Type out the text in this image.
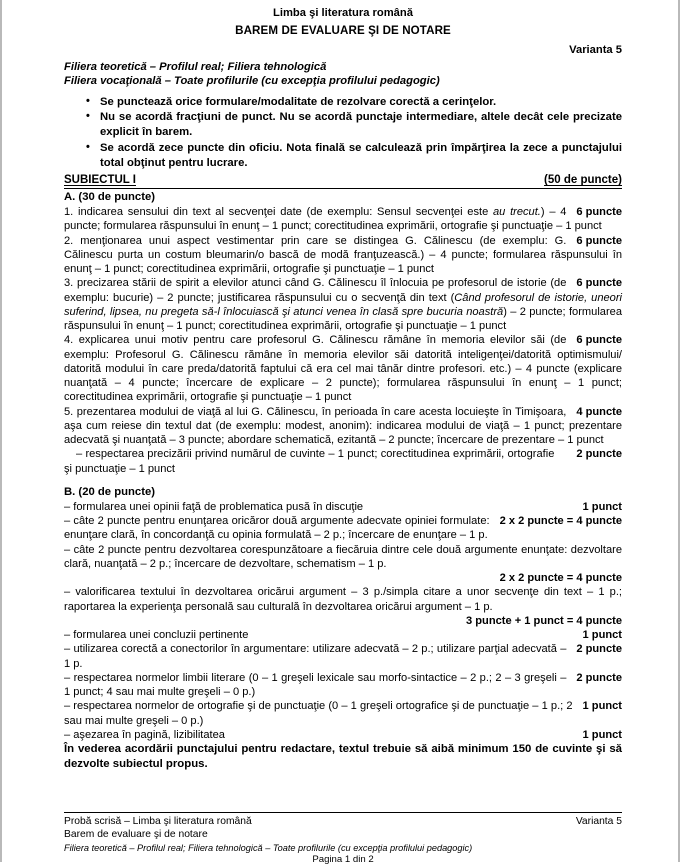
Limba şi literatura română
BAREM DE EVALUARE ŞI DE NOTARE
Varianta 5
Filiera teoretică – Profilul real; Filiera tehnologică
Filiera vocaţională – Toate profilurile (cu excepţia profilului pedagogic)
• Se punctează orice formulare/modalitate de rezolvare corectă a cerinţelor.
• Nu se acordă fracţiuni de punct. Nu se acordă punctaje intermediare, altele decât cele precizate explicit în barem.
• Se acordă zece puncte din oficiu. Nota finală se calculează prin împărţirea la zece a punctajului total obţinut pentru lucrare.
SUBIECTUL I	(50 de puncte)
A. (30 de puncte)
6 puncte
1. indicarea sensului din text al secvenţei date (de exemplu: Sensul secvenţei este au trecut.) – 4 puncte; formularea răspunsului în enunţ – 1 punct; corectitudinea exprimării, ortografie şi punctuaţie – 1 punct
6 puncte
2. menţionarea unui aspect vestimentar prin care se distingea G. Călinescu (de exemplu: G. Călinescu purta un costum bleumarin/o bască de modă franţuzească.) – 4 puncte; formularea răspunsului în enunţ – 1 punct; corectitudinea exprimării, ortografie şi punctuaţie – 1 punct
6 puncte
3. precizarea stării de spirit a elevilor atunci când G. Călinescu îl înlocuia pe profesorul de istorie (de exemplu: bucurie) – 2 puncte; justificarea răspunsului cu o secvenţă din text (Când profesorul de istorie, uneori suferind, lipsea, nu pregeta să-l înlocuiască şi atunci venea în clasă spre bucuria noastră) – 2 puncte; formularea răspunsului în enunţ – 1 punct; corectitudinea exprimării, ortografie şi punctuaţie – 1 punct
6 puncte
4. explicarea unui motiv pentru care profesorul G. Călinescu rămâne în memoria elevilor săi (de exemplu: Profesorul G. Călinescu rămâne în memoria elevilor săi datorită inteligenţei/datorită optimismului/ datorită modului în care preda/datorită faptului că era cel mai tânăr dintre profesori. etc.) – 4 puncte (explicare nuanţată – 4 puncte; încercare de explicare – 2 puncte); formularea răspunsului în enunţ – 1 punct; corectitudinea exprimării, ortografie şi punctuaţie – 1 punct
4 puncte
5. prezentarea modului de viaţă al lui G. Călinescu, în perioada în care acesta locuieşte în Timişoara, aşa cum reiese din textul dat (de exemplu: modest, anonim): indicarea modului de viaţă – 1 punct; prezentare adecvată şi nuanţată – 3 puncte; abordare schematică, ezitantă – 2 puncte; încercare de prezentare – 1 punct
2 puncte
– respectarea precizării privind numărul de cuvinte – 1 punct; corectitudinea exprimării, ortografie şi punctuaţie – 1 punct
B. (20 de puncte)
1 punct
– formularea unei opinii faţă de problematica pusă în discuţie
2 x 2 puncte = 4 puncte
– câte 2 puncte pentru enunţarea oricăror două argumente adecvate opiniei formulate: enunţare clară, în concordanţă cu opinia formulată – 2 p.; încercare de enunţare – 1 p.
– câte 2 puncte pentru dezvoltarea corespunzătoare a fiecăruia dintre cele două argumente enunţate: dezvoltare clară, nuanţată – 2 p.; încercare de dezvoltare, schematism – 1 p.
2 x 2 puncte = 4 puncte
– valorificarea textului în dezvoltarea oricărui argument – 3 p./simpla citare a unor secvenţe din text – 1 p.; raportarea la experienţa personală sau culturală în dezvoltarea oricărui argument – 1 p.
3 puncte + 1 punct = 4 puncte
1 punct
– formularea unei concluzii pertinente
2 puncte
– utilizarea corectă a conectorilor în argumentare: utilizare adecvată – 2 p.; utilizare parţial adecvată – 1 p.
2 puncte
– respectarea normelor limbii literare (0 – 1 greşeli lexicale sau morfo-sintactice – 2 p.; 2 – 3 greşeli – 1 punct; 4 sau mai multe greşeli – 0 p.)
1 punct
– respectarea normelor de ortografie şi de punctuaţie (0 – 1 greşeli ortografice şi de punctuaţie – 1 p.; 2 sau mai multe greşeli – 0 p.)
1 punct
– aşezarea în pagină, lizibilitatea
În vederea acordării punctajului pentru redactare, textul trebuie să aibă minimum 150 de cuvinte şi să dezvolte subiectul propus.
Probă scrisă – Limba şi literatura română	Varianta 5
Barem de evaluare şi de notare
Filiera teoretică – Profilul real; Filiera tehnologică – Toate profilurile (cu excepţia profilului pedagogic)
Pagina 1 din 2
